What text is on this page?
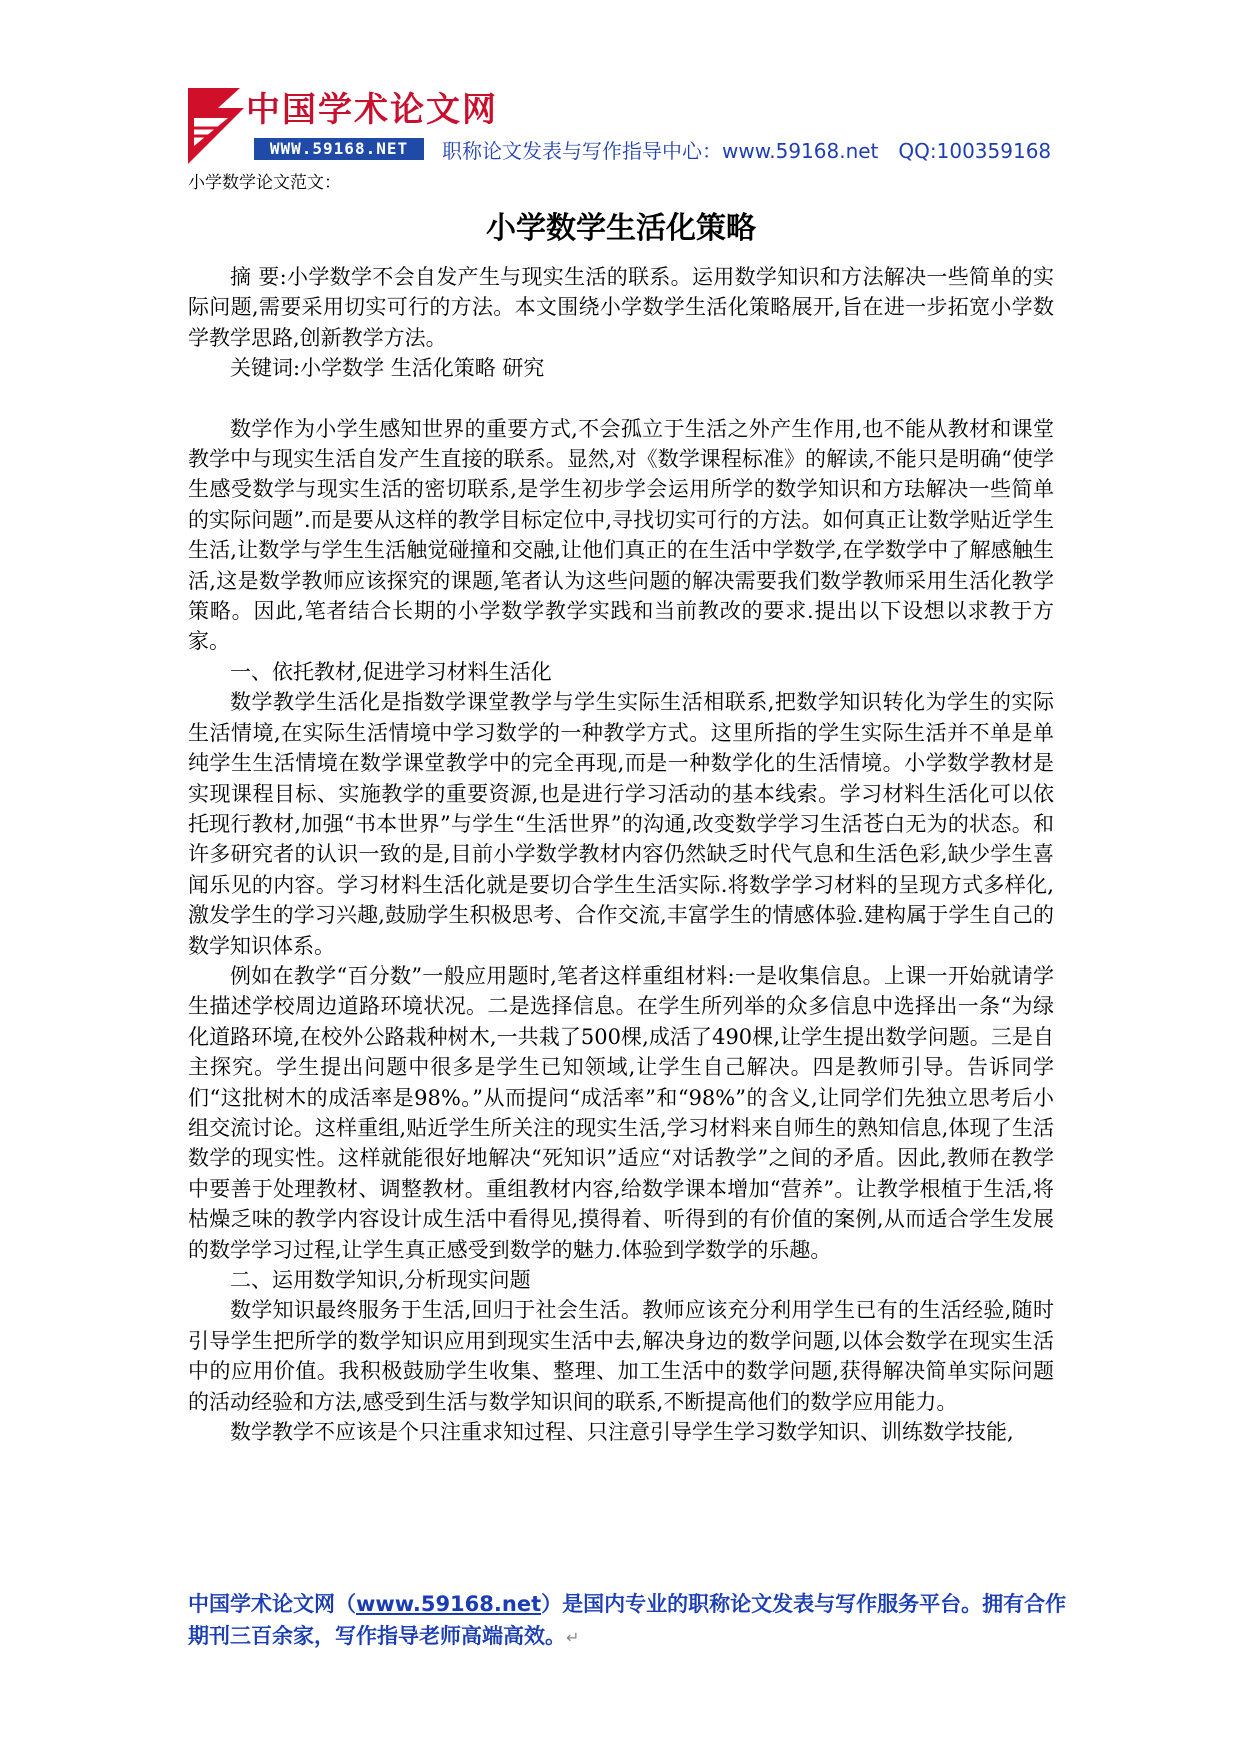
中国学术论文网
WWW.59168.NET	职称论文发表与写作指导中心：www.59168.net QQ:100359168
小学数学论文范文：
小学数学生活化策略

摘 要:小学数学不会自发产生与现实生活的联系。运用数学知识和方法解决一些简单的实际问题,需要采用切实可行的方法。本文围绕小学数学生活化策略展开,旨在进一步拓宽小学数学教学思路,创新教学方法。

关键词:小学数学 生活化策略 研究

数学作为小学生感知世界的重要方式,不会孤立于生活之外产生作用,也不能从教材和课堂教学中与现实生活自发产生直接的联系。显然,对《数学课程标准》的解读,不能只是明确“使学生感受数学与现实生活的密切联系,是学生初步学会运用所学的数学知识和方珐解决一些简单的实际问题”.而是要从这样的教学目标定位中,寻找切实可行的方法。如何真正让数学贴近学生生活,让数学与学生生活触觉碰撞和交融,让他们真正的在生活中学数学,在学数学中了解感触生活,这是数学教师应该探究的课题,笔者认为这些问题的解决需要我们数学教师采用生活化教学策略。因此,笔者结合长期的小学数学教学实践和当前教改的要求.提出以下设想以求教于方家。

一、依托教材,促进学习材料生活化

数学教学生活化是指数学课堂教学与学生实际生活相联系,把数学知识转化为学生的实际生活情境,在实际生活情境中学习数学的一种教学方式。这里所指的学生实际生活并不单是单纯学生生活情境在数学课堂教学中的完全再现,而是一种数学化的生活情境。小学数学教材是实现课程目标、实施教学的重要资源,也是进行学习活动的基本线索。学习材料生活化可以依托现行教材,加强“书本世界”与学生“生活世界”的沟通,改变数学学习生活苍白无为的状态。和许多研究者的认识一致的是,目前小学数学教材内容仍然缺乏时代气息和生活色彩,缺少学生喜闻乐见的内容。学习材料生活化就是要切合学生生活实际.将数学学习材料的呈现方式多样化,激发学生的学习兴趣,鼓励学生积极思考、合作交流,丰富学生的情感体验.建构属于学生自己的数学知识体系。

例如在教学“百分数”一般应用题时,笔者这样重组材料:一是收集信息。上课一开始就请学生描述学校周边道路环境状况。二是选择信息。在学生所列举的众多信息中选择出一条“为绿化道路环境,在校外公路栽种树木,一共栽了500棵,成活了490棵,让学生提出数学问题。三是自主探究。学生提出问题中很多是学生已知领域,让学生自己解决。四是教师引导。告诉同学们“这批树木的成活率是98%。”从而提问“成活率”和“98%”的含义,让同学们先独立思考后小组交流讨论。这样重组,贴近学生所关注的现实生活,学习材料来自师生的熟知信息,体现了生活数学的现实性。这样就能很好地解决“死知识”适应“对话教学”之间的矛盾。因此,教师在教学中要善于处理教材、调整教材。重组教材内容,给数学课本增加“营养”。让教学根植于生活,将枯燥乏味的教学内容设计成生活中看得见,摸得着、听得到的有价值的案例,从而适合学生发展的数学学习过程,让学生真正感受到数学的魅力.体验到学数学的乐趣。

二、运用数学知识,分析现实问题

数学知识最终服务于生活,回归于社会生活。教师应该充分利用学生已有的生活经验,随时引导学生把所学的数学知识应用到现实生活中去,解决身边的数学问题,以体会数学在现实生活中的应用价值。我积极鼓励学生收集、整理、加工生活中的数学问题,获得解决简单实际问题的活动经验和方法,感受到生活与数学知识间的联系,不断提高他们的数学应用能力。

数学教学不应该是个只注重求知过程、只注意引导学生学习数学知识、训练数学技能,

中国学术论文网（www.59168.net）是国内专业的职称论文发表与写作服务平台。拥有合作期刊三百余家，写作指导老师高端高效。↵
